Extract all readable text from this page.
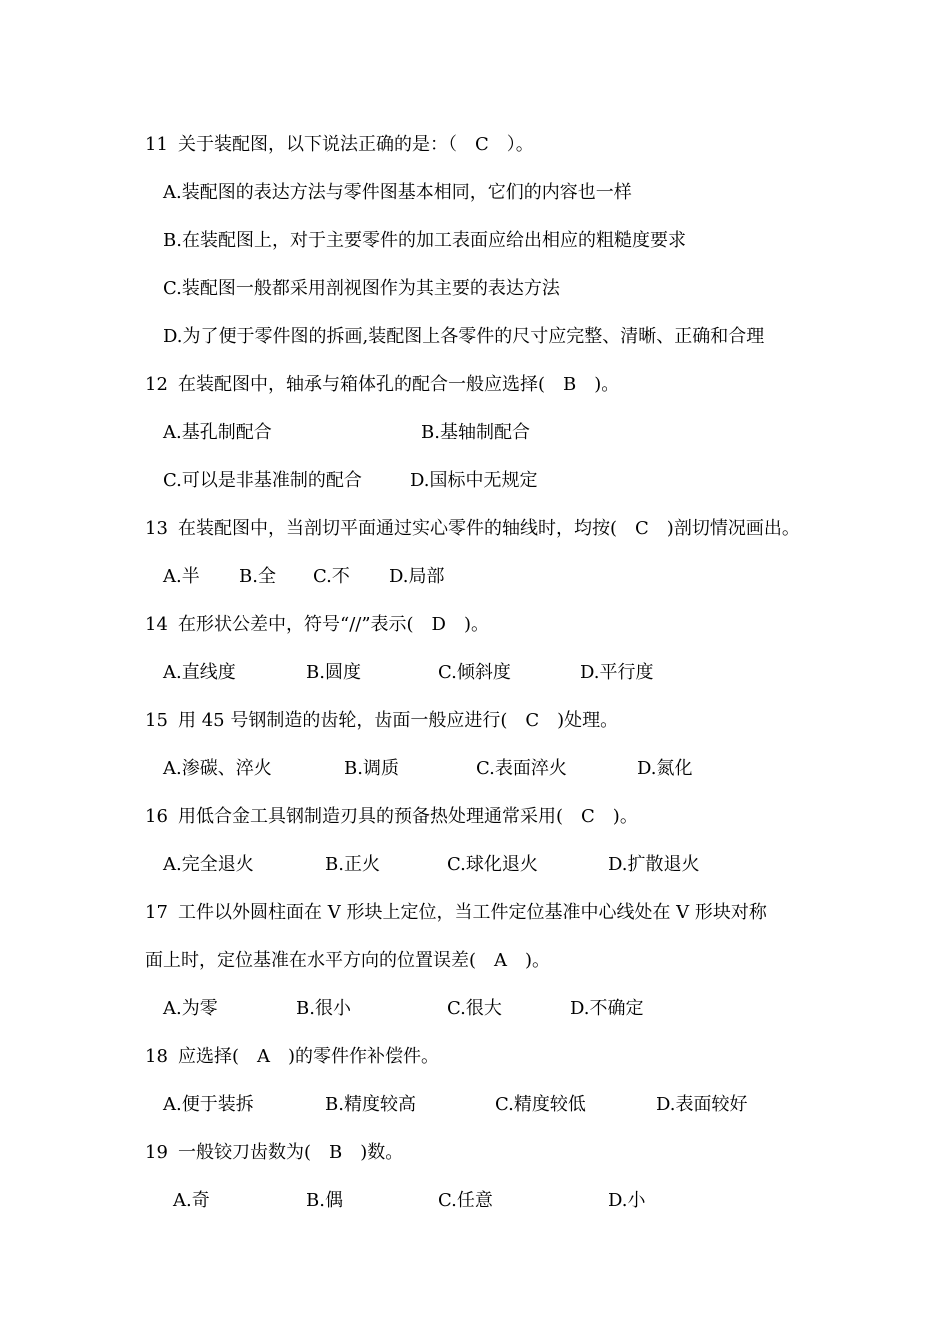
11 关于装配图，以下说法正确的是：（　C　）。
A.装配图的表达方法与零件图基本相同，它们的内容也一样
B.在装配图上，对于主要零件的加工表面应给出相应的粗糙度要求
C.装配图一般都采用剖视图作为其主要的表达方法
D.为了便于零件图的拆画,装配图上各零件的尺寸应完整、清晰、正确和合理
12 在装配图中，轴承与箱体孔的配合一般应选择(　B　)。

A.基孔制配合

	B.基轴制配合

C.可以是非基准制的配合

	D.国标中无规定

13 在装配图中，当剖切平面通过实心零件的轴线时，均按(　C　)剖切情况画出。

A.半

B.全

C.不

D.局部

14 在形状公差中，符号“//”表示(　D　)。

A.直线度

	B.圆度

	C.倾斜度

	D.平行度

15 用 45 号钢制造的齿轮，齿面一般应进行(　C　)处理。

A.渗碳、淬火

	B.调质

	C.表面淬火

	D.氮化

16 用低合金工具钢制造刃具的预备热处理通常采用(　C　)。

A.完全退火

	B.正火

	C.球化退火

	D.扩散退火

17 工件以外圆柱面在 V 形块上定位，当工件定位基准中心线处在 V 形块对称
面上时，定位基准在水平方向的位置误差(　A　)。

A.为零

	B.很小

	C.很大

	D.不确定

18 应选择(　A　)的零件作补偿件。

A.便于装拆

	B.精度较高

	C.精度较低

	D.表面较好

19 一般铰刀齿数为(　B　)数。

A.奇

	B.偶

	C.任意

	D.小
